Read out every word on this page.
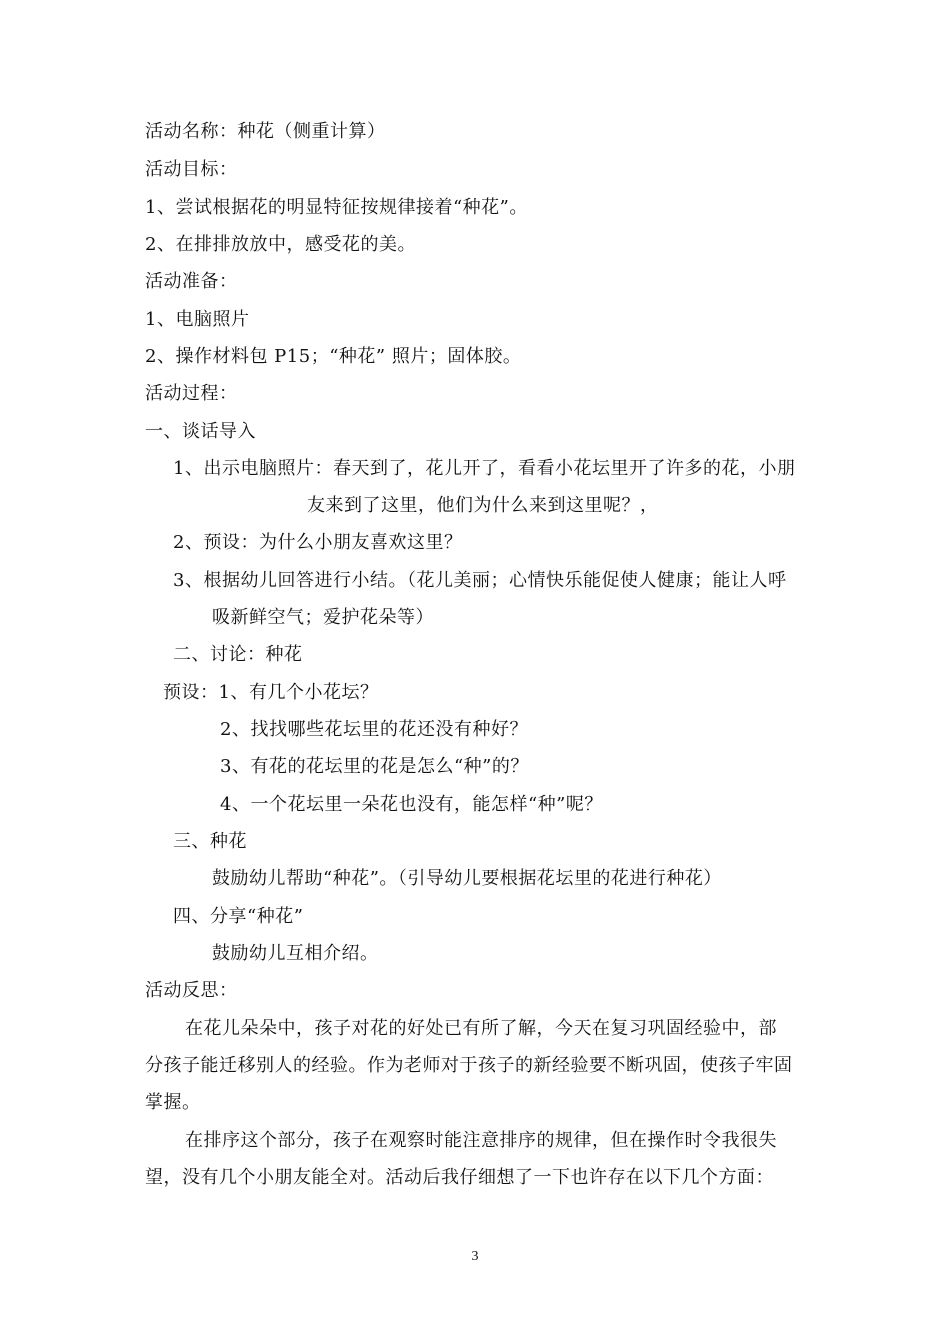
活动名称：种花（侧重计算）
活动目标：
1、尝试根据花的明显特征按规律接着“种花”。
2、在排排放放中，感受花的美。
活动准备：
1、电脑照片
2、操作材料包 P15；“种花” 照片；固体胶。
活动过程：
一、谈话导入
1、出示电脑照片：春天到了，花儿开了，看看小花坛里开了许多的花，小朋
友来到了这里，他们为什么来到这里呢？，
2、预设：为什么小朋友喜欢这里？
3、根据幼儿回答进行小结。（花儿美丽；心情快乐能促使人健康；能让人呼
吸新鲜空气；爱护花朵等）
二、讨论：种花
预设：1、有几个小花坛？
2、找找哪些花坛里的花还没有种好？
3、有花的花坛里的花是怎么“种”的？
4、一个花坛里一朵花也没有，能怎样“种”呢？
三、种花
鼓励幼儿帮助“种花”。（引导幼儿要根据花坛里的花进行种花）
四、分享“种花”
鼓励幼儿互相介绍。
活动反思：
在花儿朵朵中，孩子对花的好处已有所了解，今天在复习巩固经验中，部
分孩子能迁移别人的经验。作为老师对于孩子的新经验要不断巩固，使孩子牢固
掌握。
在排序这个部分，孩子在观察时能注意排序的规律，但在操作时令我很失
望，没有几个小朋友能全对。活动后我仔细想了一下也许存在以下几个方面：
3
